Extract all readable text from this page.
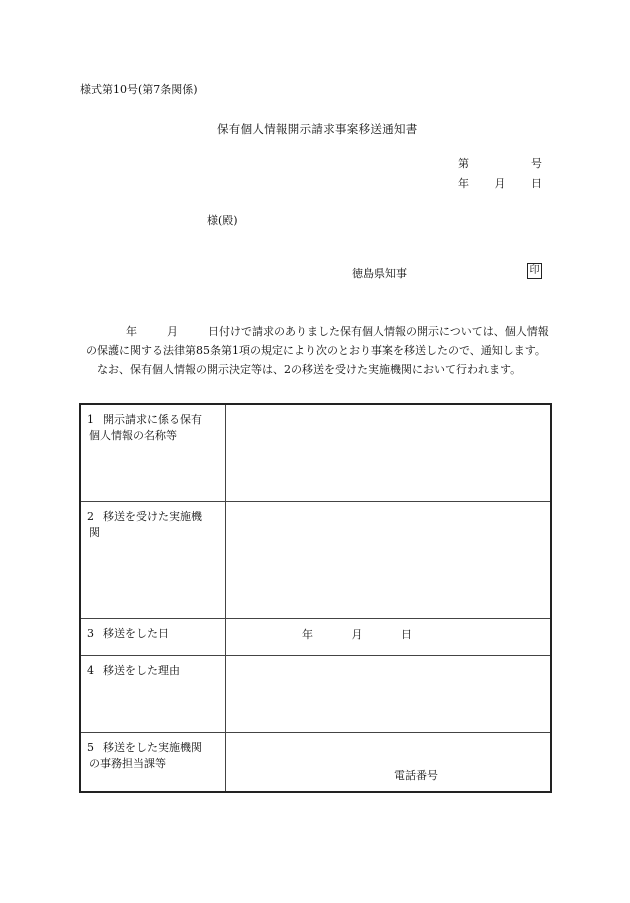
様式第10号(第7条関係)
保有個人情報開示請求事案移送通知書
第	号
年 月 日
様(殿)
徳島県知事	印

年	月	日付けで請求のありました保有個人情報の開示については、個人情報の保護に関する法律第85条第1項の規定により次のとおり事案を移送したので、通知します。

なお、保有個人情報の開示決定等は、2の移送を受けた実施機関において行われます。

1 開示請求に係る保有
個人情報の名称等	

2 移送を受けた実施機
関	

3 移送をした日	年 月 日

4 移送をした理由	
5 移送をした実施機関
の事務担当課等	電話番号
